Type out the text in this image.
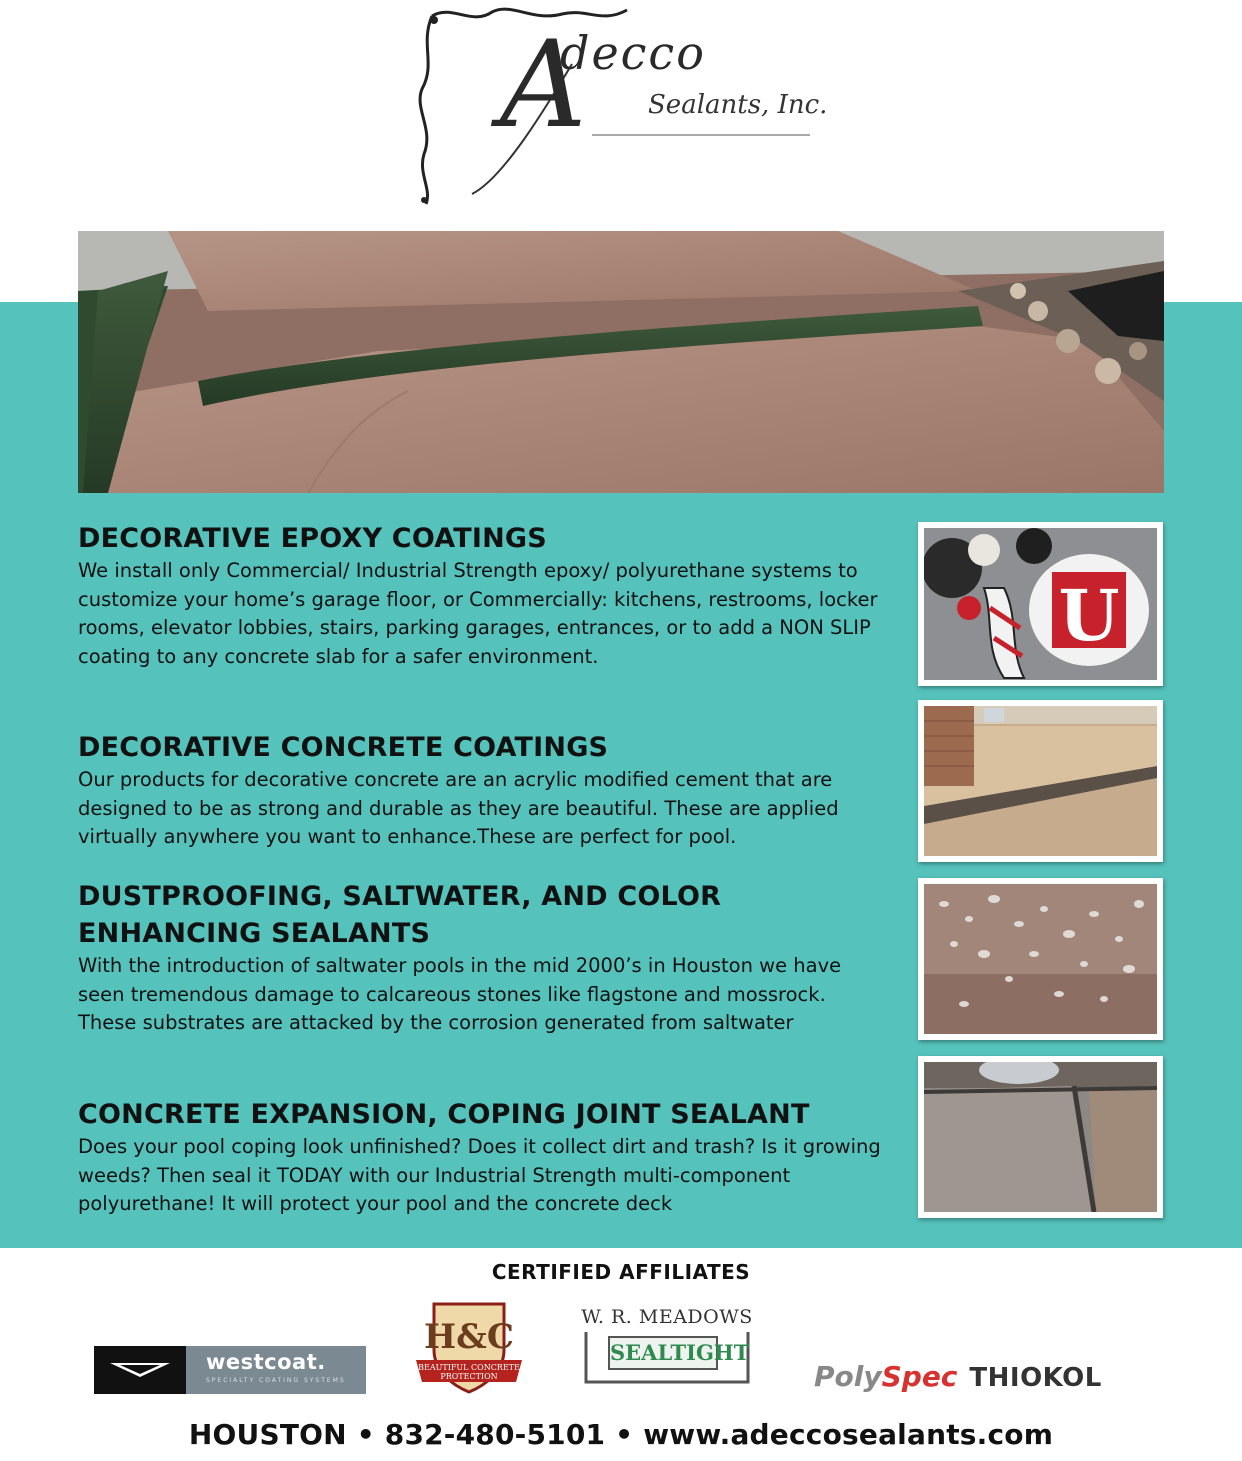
A
decco
Sealants, Inc.
DECORATIVE EPOXY COATINGS

We install only Commercial/ Industrial Strength epoxy/ polyurethane systems to customize your home’s garage floor, or Commercially: kitchens, restrooms, locker rooms, elevator lobbies, stairs, parking garages, entrances, or to add a NON SLIP coating to any concrete slab for a safer environment.

DECORATIVE CONCRETE COATINGS

Our products for decorative concrete are an acrylic modified cement that are designed to be as strong and durable as they are beautiful. These are applied virtually anywhere you want to enhance.These are perfect for pool.

DUSTPROOFING, SALTWATER, AND COLOR ENHANCING SEALANTS

With the introduction of saltwater pools in the mid 2000’s in Houston we have seen tremendous damage to calcareous stones like flagstone and mossrock. These substrates are attacked by the corrosion generated from saltwater

CONCRETE EXPANSION, COPING JOINT SEALANT

Does your pool coping look unfinished? Does it collect dirt and trash? Is it growing weeds? Then seal it TODAY with our Industrial Strength multi-component polyurethane! It will protect your pool and the concrete deck

U
CERTIFIED AFFILIATES
westcoat.
SPECIALTY COATING SYSTEMS
H&C
BEAUTIFUL CONCRETE
PROTECTION
W. R. MEADOWS
SEALTIGHT
PolySpec THIOKOL
HOUSTON • 832-480-5101 • www.adeccosealants.com
